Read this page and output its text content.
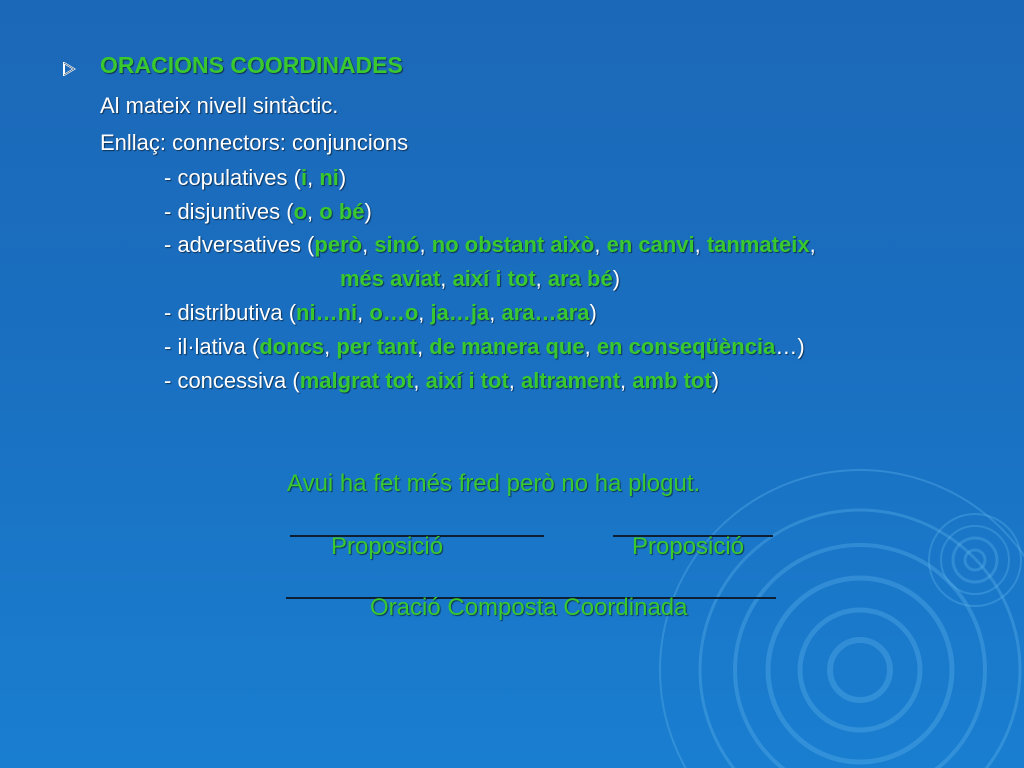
ORACIONS COORDINADES
Al mateix nivell sintàctic.
Enllaç: connectors: conjuncions
- copulatives (i, ni)
- disjuntives (o, o bé)
- adversatives (però, sinó, no obstant això, en canvi, tanmateix,
més aviat, així i tot, ara bé)
- distributiva (ni…ni, o…o, ja…ja, ara…ara)
- il·lativa (doncs, per tant, de manera que, en conseqüència…)
- concessiva (malgrat tot, així i tot, altrament, amb tot)
Avui ha fet més fred però no ha plogut.
Proposició	Proposició
Oració Composta Coordinada
